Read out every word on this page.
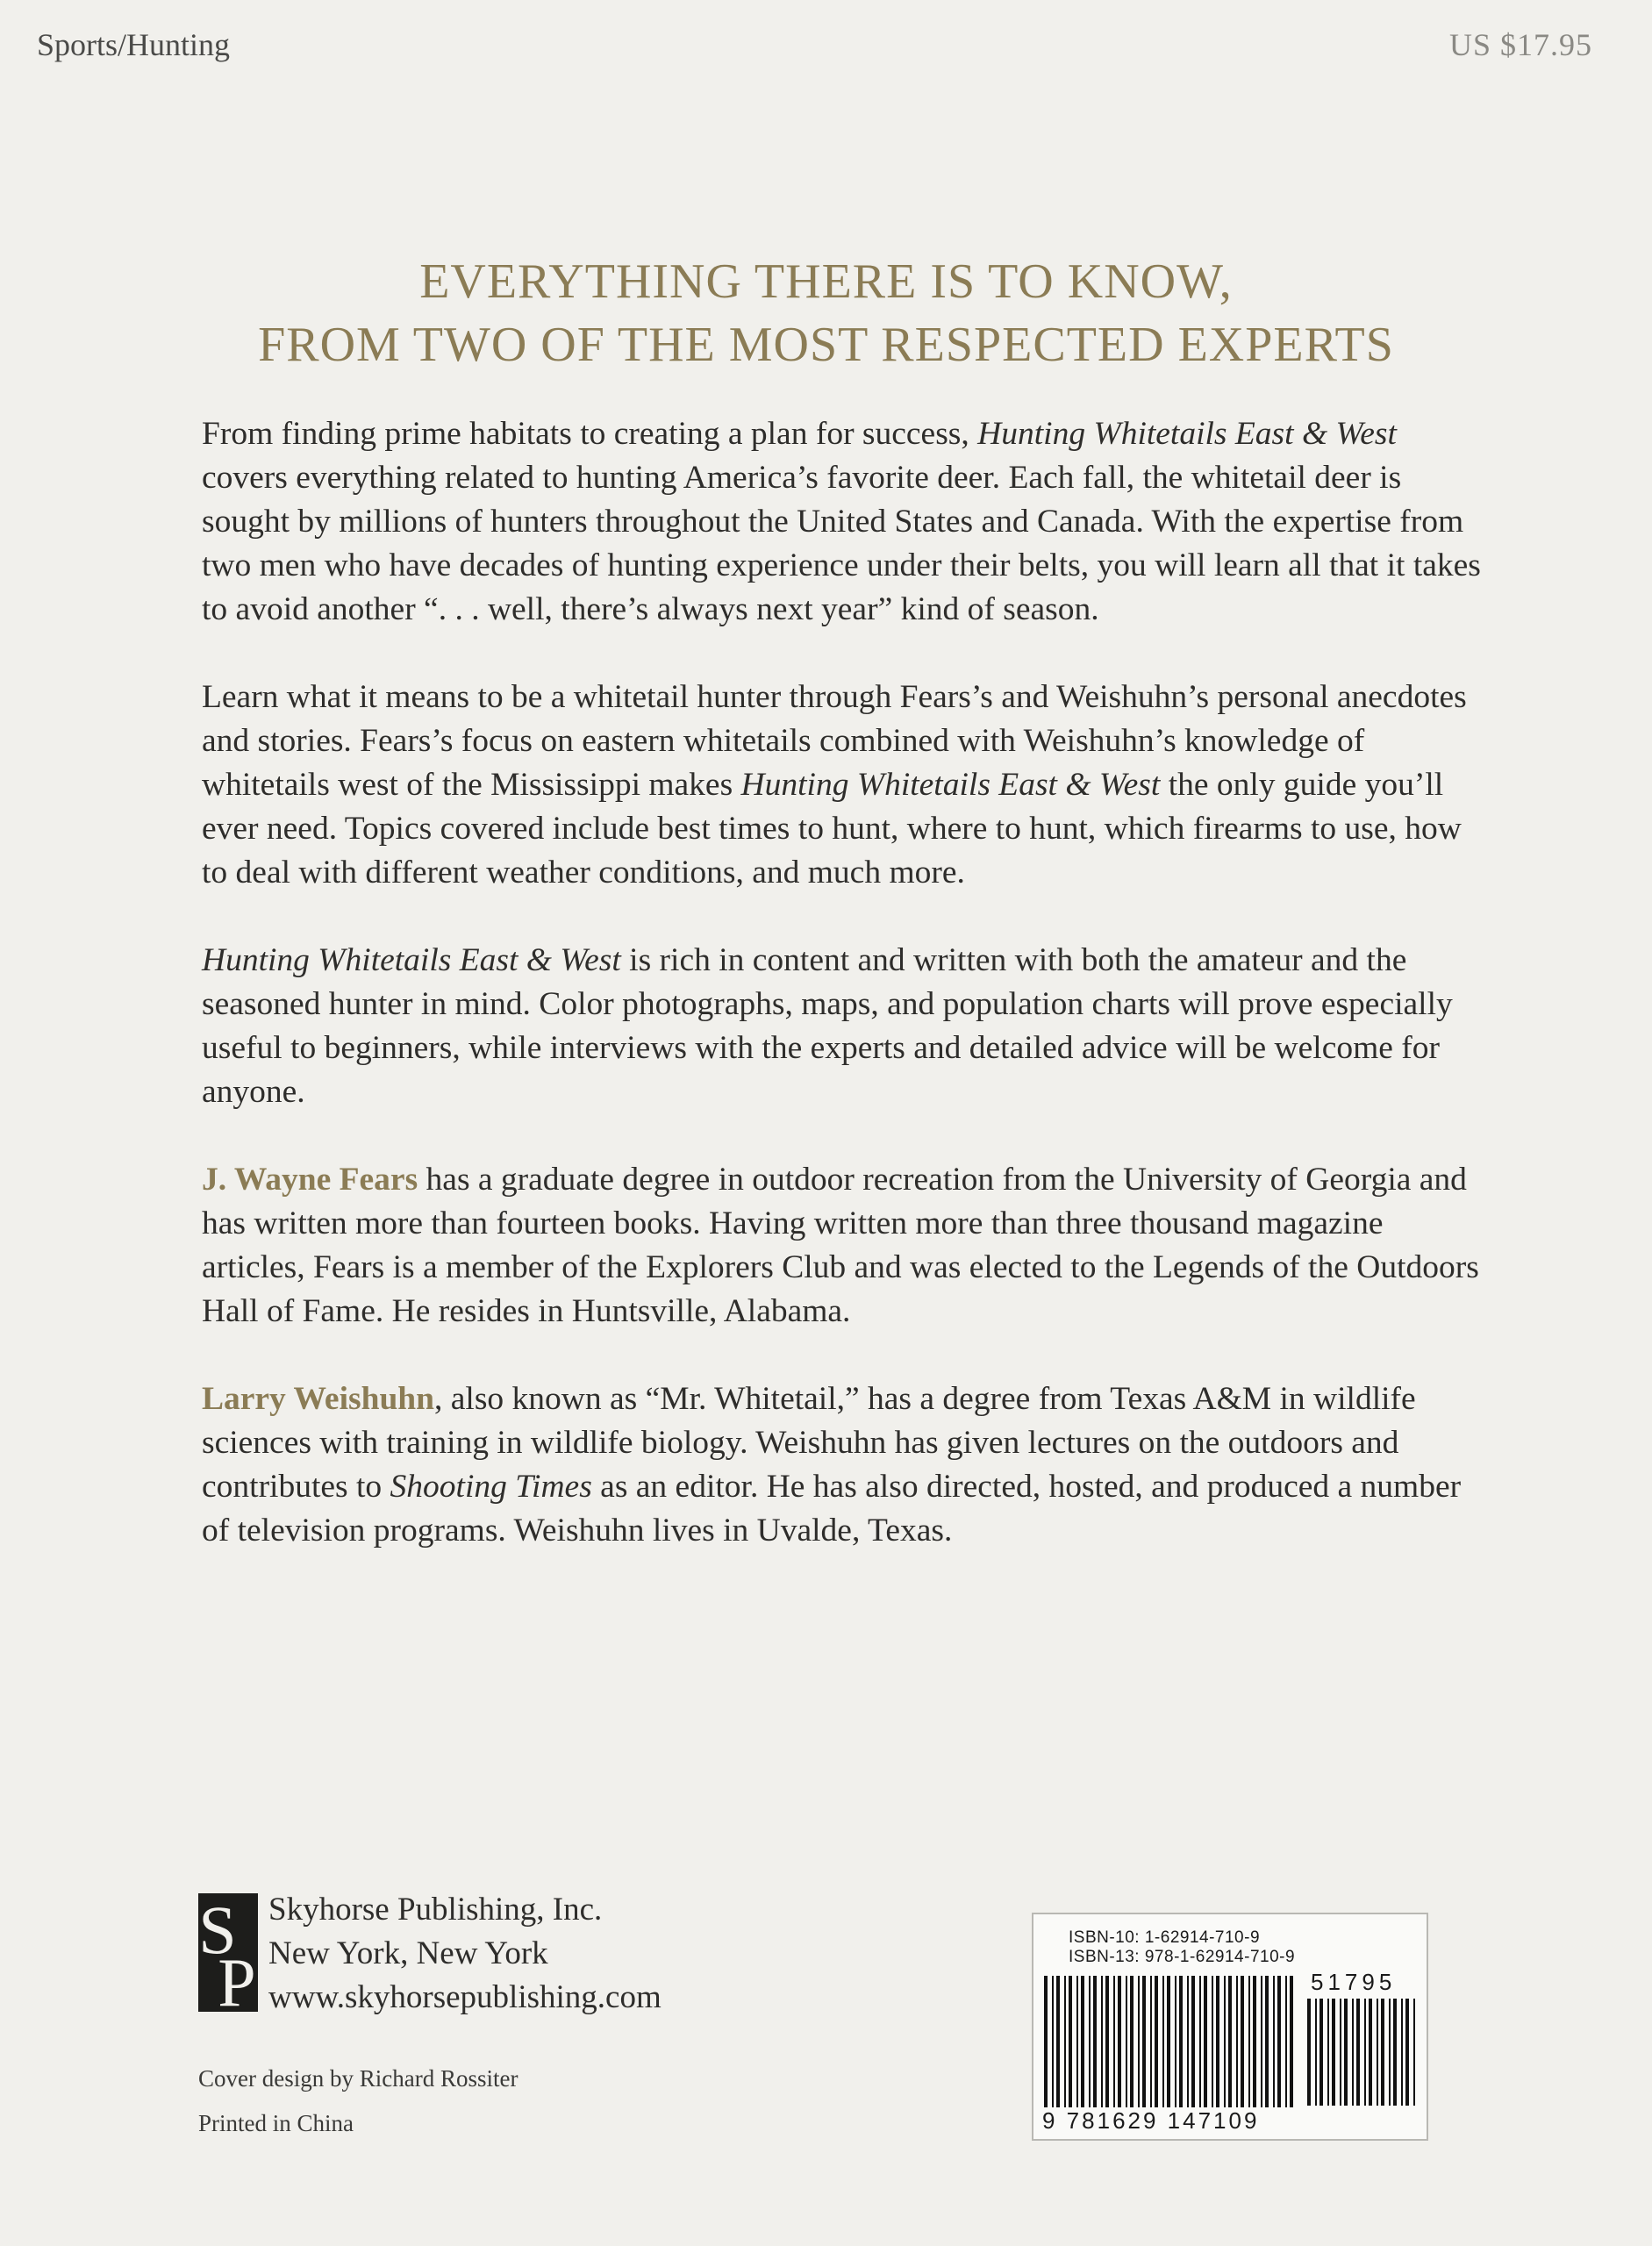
Sports/Hunting	US $17.95
EVERYTHING THERE IS TO KNOW,
FROM TWO OF THE MOST RESPECTED EXPERTS

From finding prime habitats to creating a plan for success, Hunting Whitetails East & West covers everything related to hunting America’s favorite deer. Each fall, the whitetail deer is sought by millions of hunters throughout the United States and Canada. With the expertise from two men who have decades of hunting experience under their belts, you will learn all that it takes to avoid another “. . . well, there’s always next year” kind of season.

Learn what it means to be a whitetail hunter through Fears’s and Weishuhn’s personal anecdotes and stories. Fears’s focus on eastern whitetails combined with Weishuhn’s knowledge of whitetails west of the Mississippi makes Hunting Whitetails East & West the only guide you’ll ever need. Topics covered include best times to hunt, where to hunt, which firearms to use, how to deal with different weather conditions, and much more.

Hunting Whitetails East & West is rich in content and written with both the amateur and the seasoned hunter in mind. Color photographs, maps, and population charts will prove especially useful to beginners, while interviews with the experts and detailed advice will be welcome for anyone.

J. Wayne Fears has a graduate degree in outdoor recreation from the University of Georgia and has written more than fourteen books. Having written more than three thousand magazine articles, Fears is a member of the Explorers Club and was elected to the Legends of the Outdoors Hall of Fame. He resides in Huntsville, Alabama.

Larry Weishuhn, also known as “Mr. Whitetail,” has a degree from Texas A&M in wildlife sciences with training in wildlife biology. Weishuhn has given lectures on the outdoors and contributes to Shooting Times as an editor. He has also directed, hosted, and produced a number of television programs. Weishuhn lives in Uvalde, Texas.

S
P
Skyhorse Publishing, Inc.
New York, New York
www.skyhorsepublishing.com
Cover design by Richard Rossiter
Printed in China
ISBN-10: 1-62914-710-9
ISBN-13: 978-1-62914-710-9
51795
9 781629 147109
